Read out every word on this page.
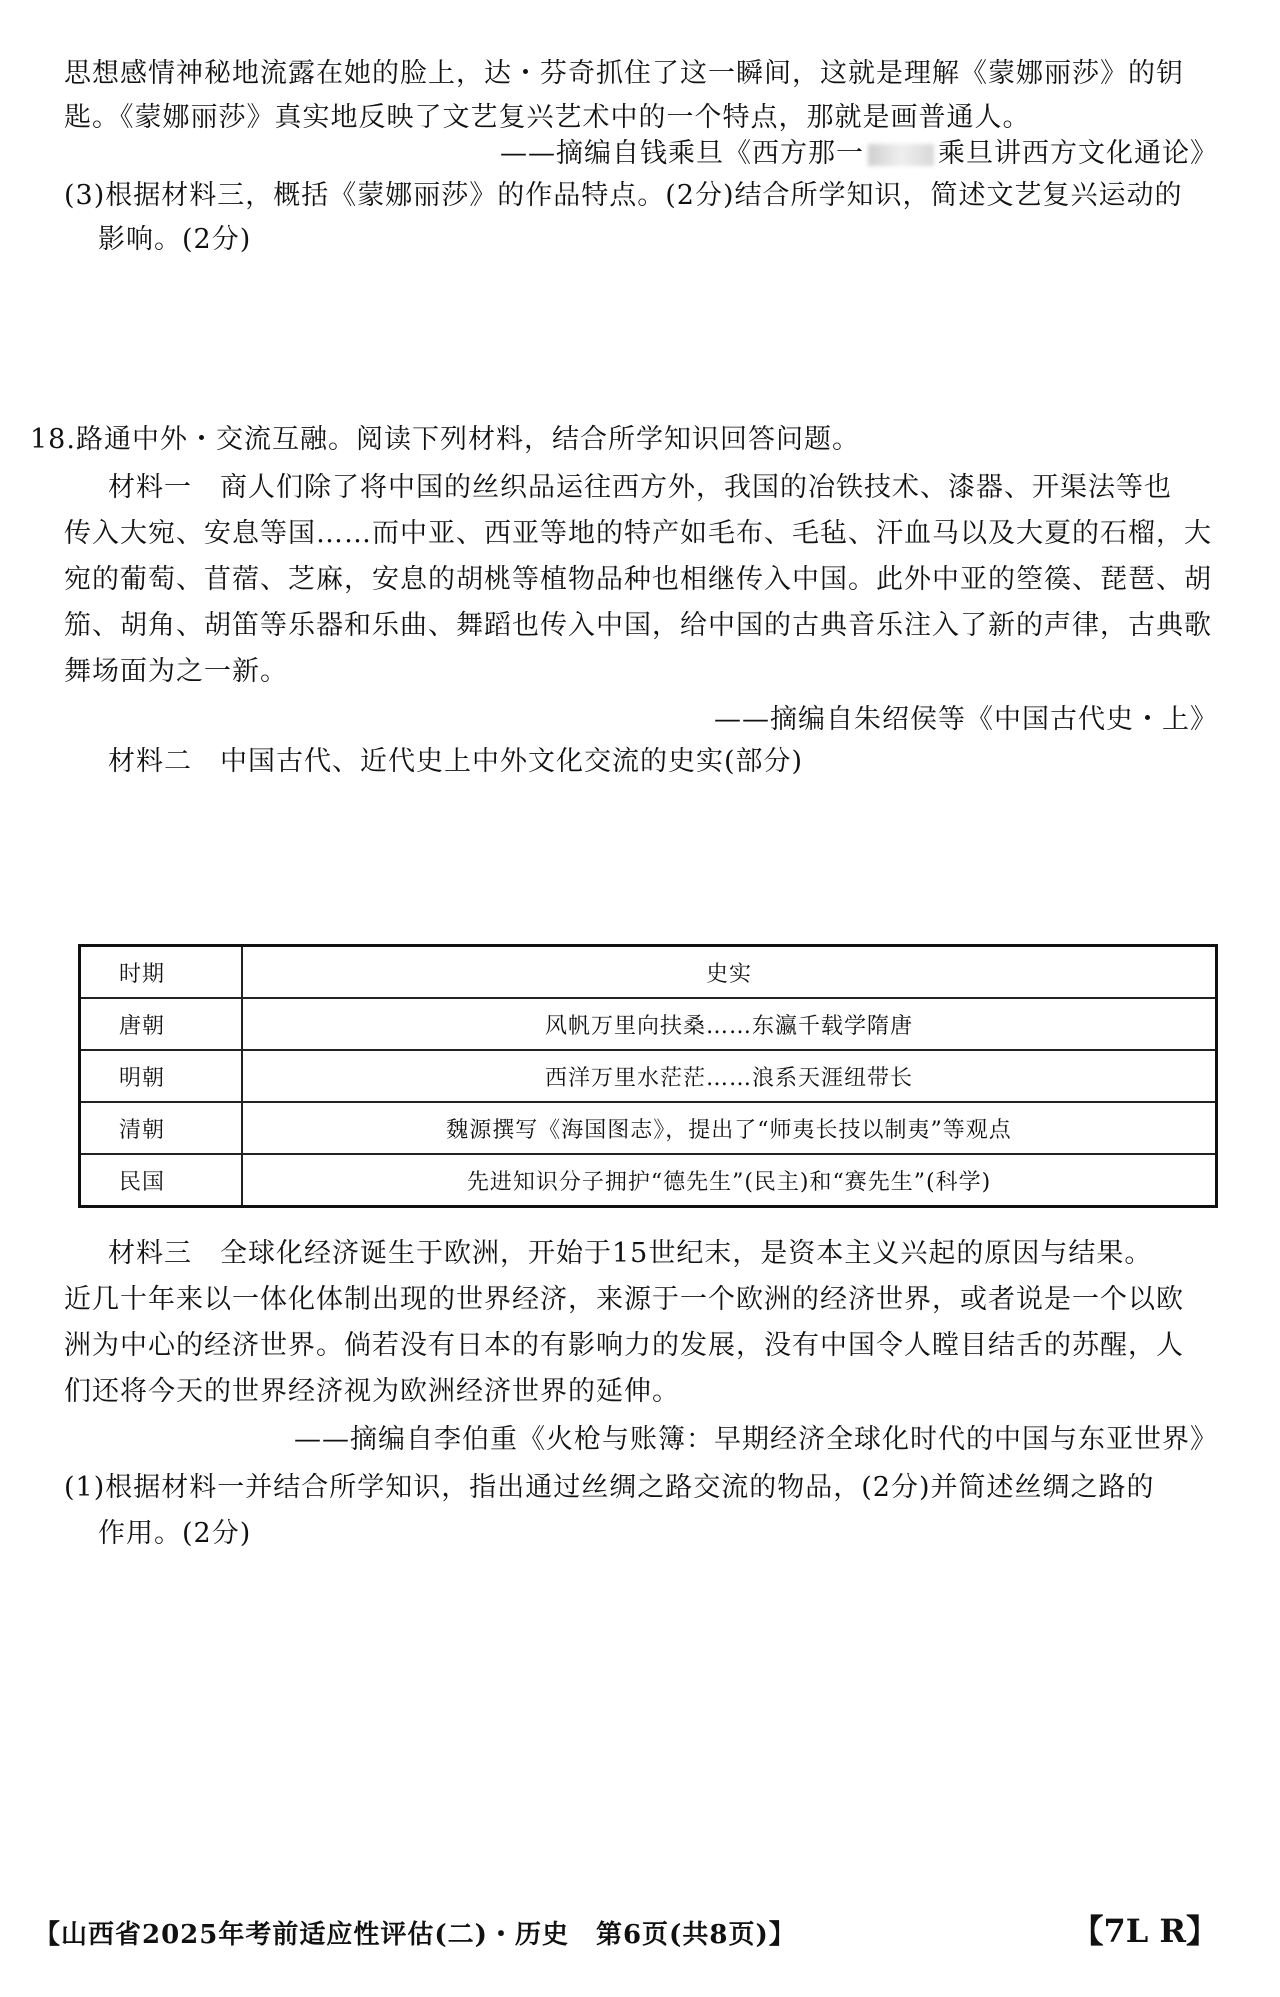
思想感情神秘地流露在她的脸上，达・芬奇抓住了这一瞬间，这就是理解《蒙娜丽莎》的钥
匙。《蒙娜丽莎》真实地反映了文艺复兴艺术中的一个特点，那就是画普通人。
——摘编自钱乘旦《西方那一	乘旦讲西方文化通论》
(3)根据材料三，概括《蒙娜丽莎》的作品特点。(2分)结合所学知识，简述文艺复兴运动的
影响。(2分)
18.路通中外・交流互融。阅读下列材料，结合所学知识回答问题。
材料一　商人们除了将中国的丝织品运往西方外，我国的冶铁技术、漆器、开渠法等也
传入大宛、安息等国……而中亚、西亚等地的特产如毛布、毛毡、汗血马以及大夏的石榴，大
宛的葡萄、苜蓿、芝麻，安息的胡桃等植物品种也相继传入中国。此外中亚的箜篌、琵琶、胡
笳、胡角、胡笛等乐器和乐曲、舞蹈也传入中国，给中国的古典音乐注入了新的声律，古典歌
舞场面为之一新。
——摘编自朱绍侯等《中国古代史・上》
材料二　中国古代、近代史上中外文化交流的史实(部分)
时期	史实
唐朝	风帆万里向扶桑……东瀛千载学隋唐
明朝	西洋万里水茫茫……浪系天涯纽带长
清朝	魏源撰写《海国图志》，提出了“师夷长技以制夷”等观点
民国	先进知识分子拥护“德先生”(民主)和“赛先生”(科学)
材料三　全球化经济诞生于欧洲，开始于15世纪末，是资本主义兴起的原因与结果。
近几十年来以一体化体制出现的世界经济，来源于一个欧洲的经济世界，或者说是一个以欧
洲为中心的经济世界。倘若没有日本的有影响力的发展，没有中国令人瞠目结舌的苏醒，人
们还将今天的世界经济视为欧洲经济世界的延伸。
——摘编自李伯重《火枪与账簿：早期经济全球化时代的中国与东亚世界》
(1)根据材料一并结合所学知识，指出通过丝绸之路交流的物品，(2分)并简述丝绸之路的
作用。(2分)
【山西省2025年考前适应性评估(二)・历史　第6页(共8页)】	【7L R】
